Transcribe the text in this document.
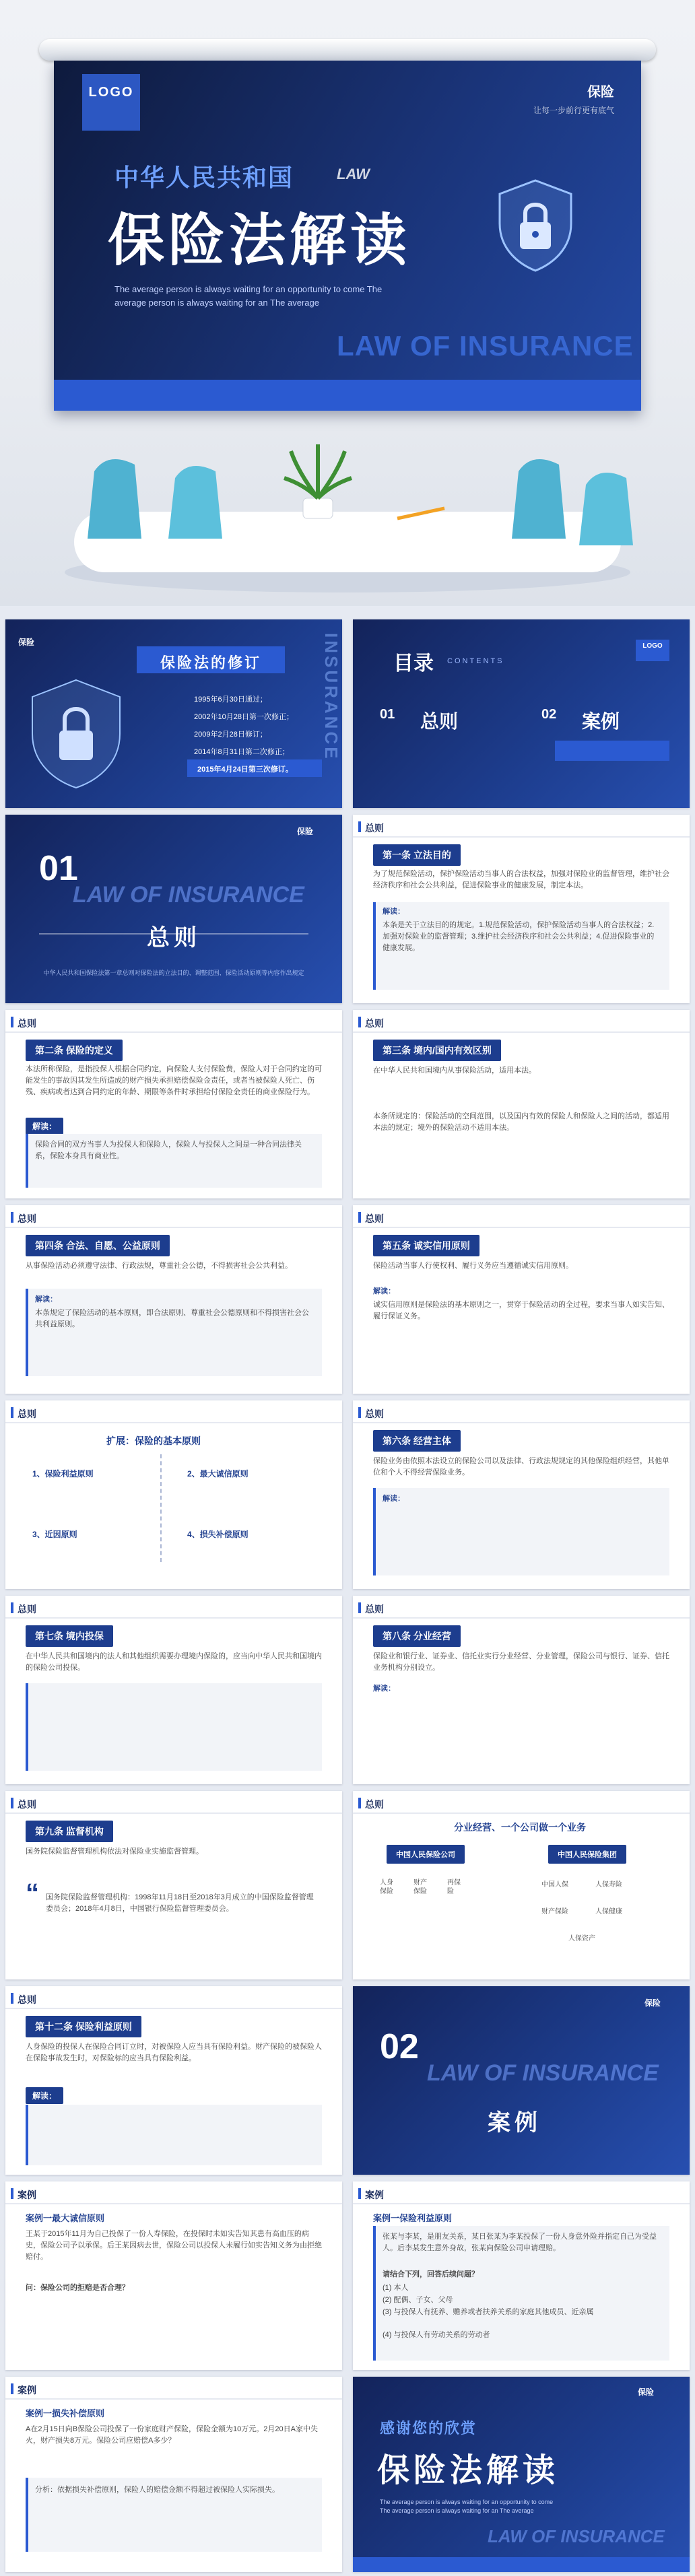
LOGO	保险
让每一步前行更有底气
中华人民共和国	LAW
保险法解读
The average person is always waiting for an opportunity to come The average person is always waiting for an The average
LAW OF INSURANCE
保险
保险法的修订
1995年6月30日通过；
2002年10月28日第一次修正；
2009年2月28日修订；
2014年8月31日第二次修正；
2015年4月24日第三次修订。
INSURANCE	目录 CONTENTS
LOGO
01 总则	02 案例
01
LAW OF INSURANCE
保险
总则
中华人民共和国保险法第一章总则对保险法的立法目的、调整范围、保险活动原则等内容作出规定
总则
第一条 立法目的
为了规范保险活动，保护保险活动当事人的合法权益，加强对保险业的监督管理，维护社会经济秩序和社会公共利益，促进保险事业的健康发展，制定本法。
解读：
本条是关于立法目的的规定。1.规范保险活动，保护保险活动当事人的合法权益；2.加强对保险业的监督管理；3.维护社会经济秩序和社会公共利益；4.促进保险事业的健康发展。
总则
第二条 保险的定义
本法所称保险，是指投保人根据合同约定，向保险人支付保险费，保险人对于合同约定的可能发生的事故因其发生所造成的财产损失承担赔偿保险金责任，或者当被保险人死亡、伤残、疾病或者达到合同约定的年龄、期限等条件时承担给付保险金责任的商业保险行为。
解读：
保险合同的双方当事人为投保人和保险人，保险人与投保人之间是一种合同法律关系，保险本身具有商业性。
总则
第三条 境内/国内有效区别
在中华人民共和国境内从事保险活动，适用本法。
本条所规定的：保险活动的空间范围，以及国内有效的保险人和保险人之间的活动，都适用本法的规定；境外的保险活动不适用本法。
总则
第四条 合法、自愿、公益原则
从事保险活动必须遵守法律、行政法规，尊重社会公德，不得损害社会公共利益。
解读：
本条规定了保险活动的基本原则，即合法原则、尊重社会公德原则和不得损害社会公共利益原则。
总则
第五条 诚实信用原则
保险活动当事人行使权利、履行义务应当遵循诚实信用原则。
解读：
诚实信用原则是保险法的基本原则之一，贯穿于保险活动的全过程，要求当事人如实告知、履行保证义务。
总则
扩展：保险的基本原则
1、保险利益原则	2、最大诚信原则
3、近因原则	4、损失补偿原则
总则
第六条 经营主体
保险业务由依照本法设立的保险公司以及法律、行政法规规定的其他保险组织经营，其他单位和个人不得经营保险业务。
解读：
总则
第七条 境内投保
在中华人民共和国境内的法人和其他组织需要办理境内保险的，应当向中华人民共和国境内的保险公司投保。
总则
第八条 分业经营
保险业和银行业、证券业、信托业实行分业经营、分业管理，保险公司与银行、证券、信托业务机构分别设立。
解读：
总则
第九条 监督机构
国务院保险监督管理机构依法对保险业实施监督管理。
“ 国务院保险监督管理机构：1998年11月18日至2018年3月成立的中国保险监督管理委员会；2018年4月8日，中国银行保险监督管理委员会。
总则
分业经营、一个公司做一个业务
中国人民保险公司	中国人民保险集团
人身保险
财产保险
再保险
中国人保	人保寿险
财产保险	人保健康
人保资产
总则
第十二条 保险利益原则
人身保险的投保人在保险合同订立时，对被保险人应当具有保险利益。财产保险的被保险人在保险事故发生时，对保险标的应当具有保险利益。
解读：
02
LAW OF INSURANCE
保险
案例
案例
案例一最大诚信原则
王某于2015年11月为自己投保了一份人寿保险，在投保时未如实告知其患有高血压的病史，保险公司予以承保。后王某因病去世，保险公司以投保人未履行如实告知义务为由拒绝赔付。
问：保险公司的拒赔是否合理？
案例
案例一保险利益原则
张某与李某，是朋友关系，某日张某为李某投保了一份人身意外险并指定自己为受益人。后李某发生意外身故，张某向保险公司申请理赔。
请结合下列，回答后续问题？
(1) 本人
(2) 配偶、子女、父母
(3) 与投保人有抚养、赡养或者扶养关系的家庭其他成员、近亲属
(4) 与投保人有劳动关系的劳动者
案例
案例一损失补偿原则
A在2月15日向B保险公司投保了一份家庭财产保险，保险金额为10万元。2月20日A家中失火，财产损失8万元。保险公司应赔偿A多少？
分析：依据损失补偿原则，保险人的赔偿金额不得超过被保险人实际损失。
保险
感谢您的欣赏
保险法解读
The average person is always waiting for an opportunity to come The average person is always waiting for an The average
LAW OF INSURANCE
